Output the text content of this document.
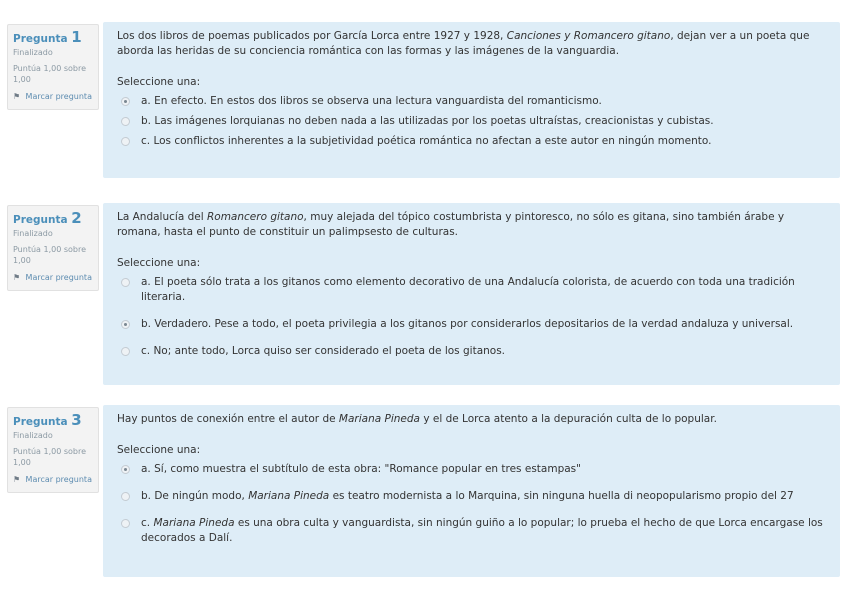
Pregunta 1
Finalizado
Puntúa 1,00 sobre 1,00
⚑ Marcar pregunta
Los dos libros de poemas publicados por García Lorca entre 1927 y 1928, Canciones y Romancero gitano, dejan ver a un poeta que aborda las heridas de su conciencia romántica con las formas y las imágenes de la vanguardia.
Seleccione una:
a. En efecto. En estos dos libros se observa una lectura vanguardista del romanticismo.
b. Las imágenes lorquianas no deben nada a las utilizadas por los poetas ultraístas, creacionistas y cubistas.
c. Los conflictos inherentes a la subjetividad poética romántica no afectan a este autor en ningún momento.
Pregunta 2
Finalizado
Puntúa 1,00 sobre 1,00
⚑ Marcar pregunta
La Andalucía del Romancero gitano, muy alejada del tópico costumbrista y pintoresco, no sólo es gitana, sino también árabe y romana, hasta el punto de constituir un palimpsesto de culturas.
Seleccione una:
a. El poeta sólo trata a los gitanos como elemento decorativo de una Andalucía colorista, de acuerdo con toda una tradición literaria.
b. Verdadero. Pese a todo, el poeta privilegia a los gitanos por considerarlos depositarios de la verdad andaluza y universal.
c. No; ante todo, Lorca quiso ser considerado el poeta de los gitanos.
Pregunta 3
Finalizado
Puntúa 1,00 sobre 1,00
⚑ Marcar pregunta
Hay puntos de conexión entre el autor de Mariana Pineda y el de Lorca atento a la depuración culta de lo popular.
Seleccione una:
a. Sí, como muestra el subtítulo de esta obra: "Romance popular en tres estampas"
b. De ningún modo, Mariana Pineda es teatro modernista a lo Marquina, sin ninguna huella di neopopularismo propio del 27
c. Mariana Pineda es una obra culta y vanguardista, sin ningún guiño a lo popular; lo prueba el hecho de que Lorca encargase los decorados a Dalí.
